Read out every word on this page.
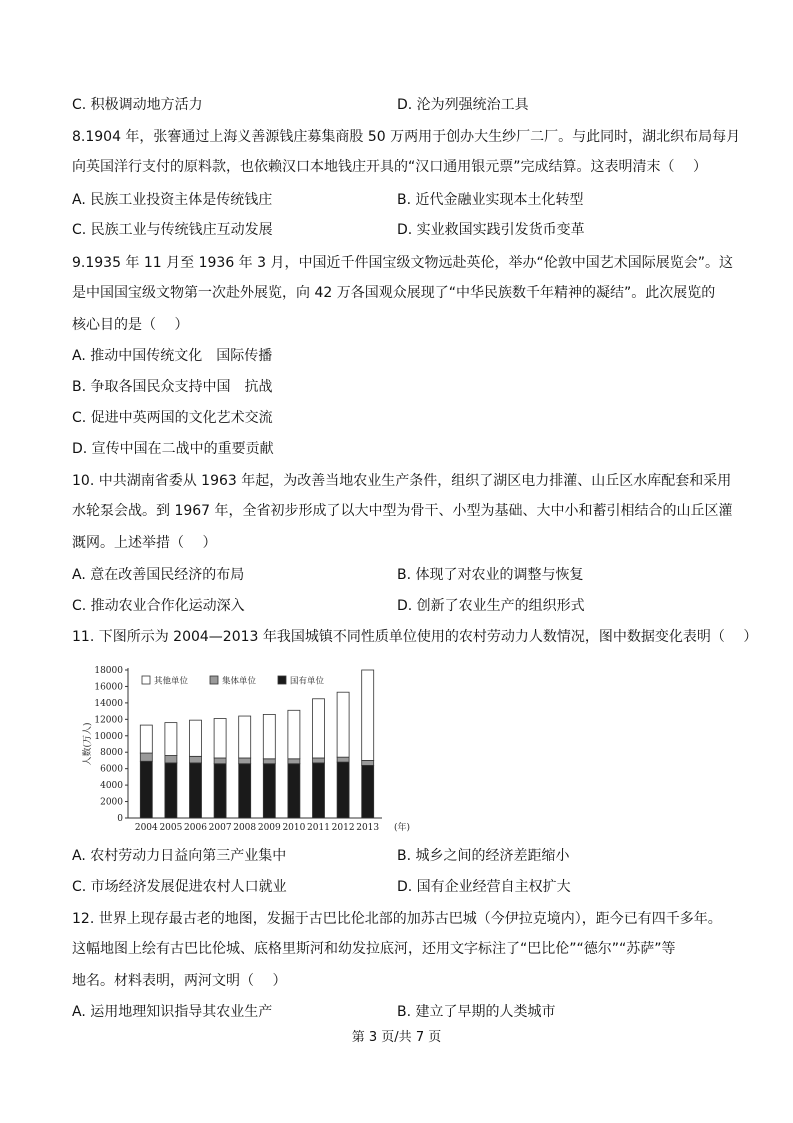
C. 积极调动地方活力	D. 沦为列强统治工具
8.1904 年，张謇通过上海义善源钱庄募集商股 50 万两用于创办大生纱厂二厂。与此同时，湖北织布局每月
向英国洋行支付的原料款，也依赖汉口本地钱庄开具的“汉口通用银元票”完成结算。这表明清末（　 ）
A. 民族工业投资主体是传统钱庄	B. 近代金融业实现本土化转型
C. 民族工业与传统钱庄互动发展	D. 实业救国实践引发货币变革
9.1935 年 11 月至 1936 年 3 月，中国近千件国宝级文物远赴英伦，举办“伦敦中国艺术国际展览会”。这
是中国国宝级文物第一次赴外展览，向 42 万各国观众展现了“中华民族数千年精神的凝结”。此次展览的
核心目的是（　 ）
A. 推动中国传统文化　国际传播
B. 争取各国民众支持中国　抗战
C. 促进中英两国的文化艺术交流
D. 宣传中国在二战中的重要贡献
10. 中共湖南省委从 1963 年起，为改善当地农业生产条件，组织了湖区电力排灌、山丘区水库配套和采用
水轮泵会战。到 1967 年，全省初步形成了以大中型为骨干、小型为基础、大中小和蓄引相结合的山丘区灌
溉网。上述举措（　 ）
A. 意在改善国民经济的布局	B. 体现了对农业的调整与恢复
C. 推动农业合作化运动深入	D. 创新了农业生产的组织形式
11. 下图所示为 2004—2013 年我国城镇不同性质单位使用的农村劳动力人数情况，图中数据变化表明（　 ）
0
2000
4000
6000
8000
10000
12000
14000
16000
18000
人数(万人)
2004 2005 2006 2007 2008 2009 2010 2011 2012 2013 (年)
其他单位	集体单位	国有单位
A. 农村劳动力日益向第三产业集中	B. 城乡之间的经济差距缩小
C. 市场经济发展促进农村人口就业	D. 国有企业经营自主权扩大
12. 世界上现存最古老的地图，发掘于古巴比伦北部的加苏古巴城（今伊拉克境内），距今已有四千多年。
这幅地图上绘有古巴比伦城、底格里斯河和幼发拉底河，还用文字标注了“巴比伦”“德尔”“苏萨”等
地名。材料表明，两河文明（　 ）
A. 运用地理知识指导其农业生产	B. 建立了早期的人类城市
第 3 页/共 7 页
